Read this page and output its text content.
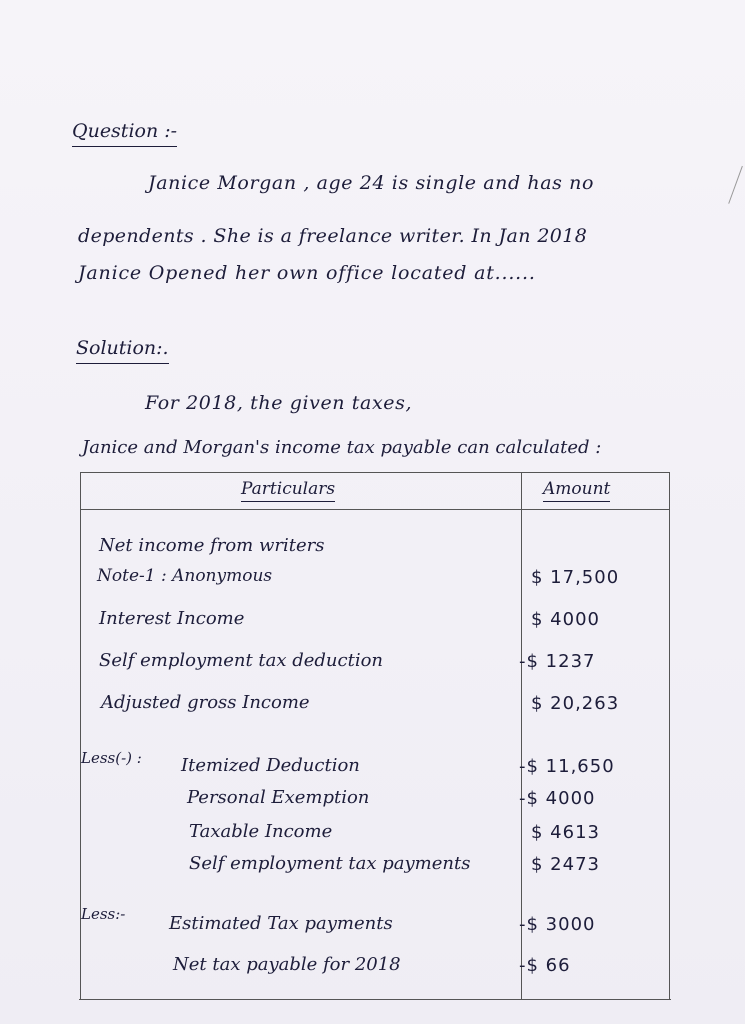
Question :-
Janice Morgan , age 24 is single and has no
dependents . She is a freelance writer. In Jan 2018
Janice Opened her own office located at......
Solution:.
For 2018, the given taxes,
Janice and Morgan's income tax payable can calculated :
Particulars	Amount
Net income from writers
Note-1 : Anonymous	$ 17,500
Interest Income	$ 4000
Self employment tax deduction	-$ 1237
Adjusted gross Income	$ 20,263
Less(-) : Itemized Deduction	-$ 11,650
Personal Exemption	-$ 4000
Taxable Income	$ 4613
Self employment tax payments	$ 2473
Less:- Estimated Tax payments	-$ 3000
Net tax payable for 2018	-$ 66
